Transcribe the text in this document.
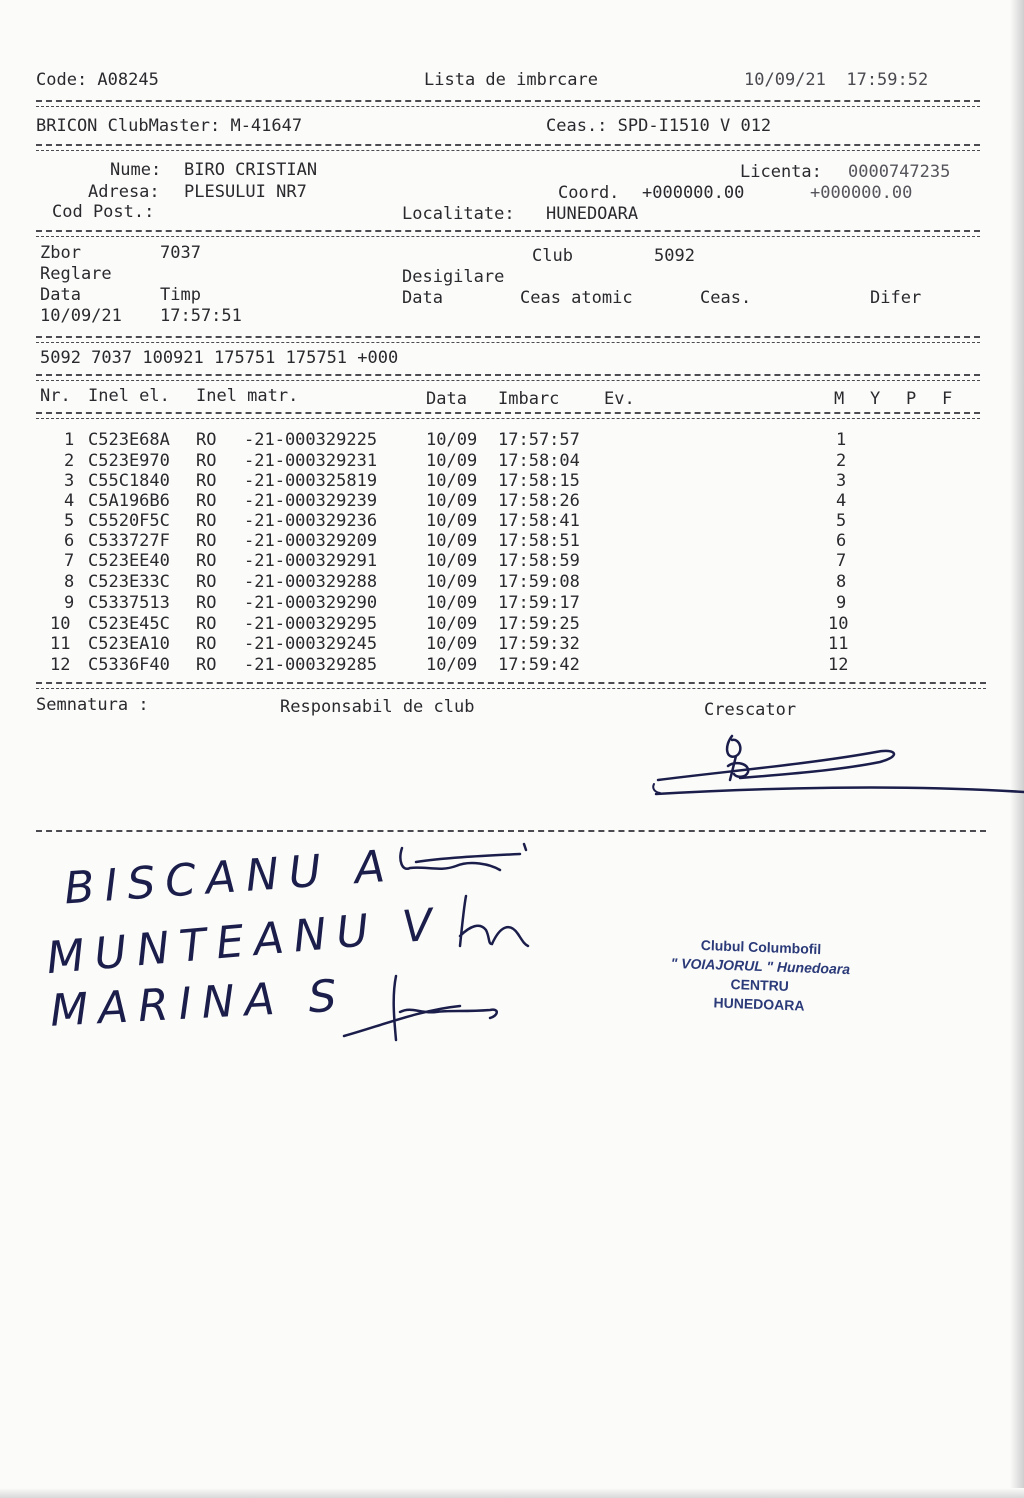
Code: A08245	Lista de imbrcare	10/09/21  17:59:52
BRICON ClubMaster: M-41647	Ceas.: SPD-I1510 V 012
Nume: BIRO CRISTIAN	Licenta: 0000747235
Adresa: PLESULUI NR7	Coord. +000000.00	+000000.00
Cod Post.:	Localitate: HUNEDOARA
Zbor	7037	Club	5092
Reglare	Desigilare
Data	Timp	Data	Ceas atomic	Ceas.	Difer
10/09/21 17:57:51
5092 7037 100921 175751 175751 +000
Nr. Inel el. Inel matr.	Data Imbarc	Ev.	M Y P F
1 C523E68A RO -21-000329225	10/09 17:57:57	1
2 C523E970 RO -21-000329231	10/09 17:58:04	2
3 C55C1840 RO -21-000325819	10/09 17:58:15	3
4 C5A196B6 RO -21-000329239	10/09 17:58:26	4
5 C5520F5C RO -21-000329236	10/09 17:58:41	5
6 C533727F RO -21-000329209	10/09 17:58:51	6
7 C523EE40 RO -21-000329291	10/09 17:58:59	7
8 C523E33C RO -21-000329288	10/09 17:59:08	8
9 C5337513 RO -21-000329290	10/09 17:59:17	9
10 C523E45C RO -21-000329295	10/09 17:59:25	10
11 C523EA10 RO -21-000329245	10/09 17:59:32	11
12 C5336F40 RO -21-000329285	10/09 17:59:42	12
Semnatura :	Responsabil de club	Crescator
BISCANU A
MUNTEANU V
MARINA S
Clubul Columbofil
" VOIAJORUL " Hunedoara
CENTRU
HUNEDOARA
